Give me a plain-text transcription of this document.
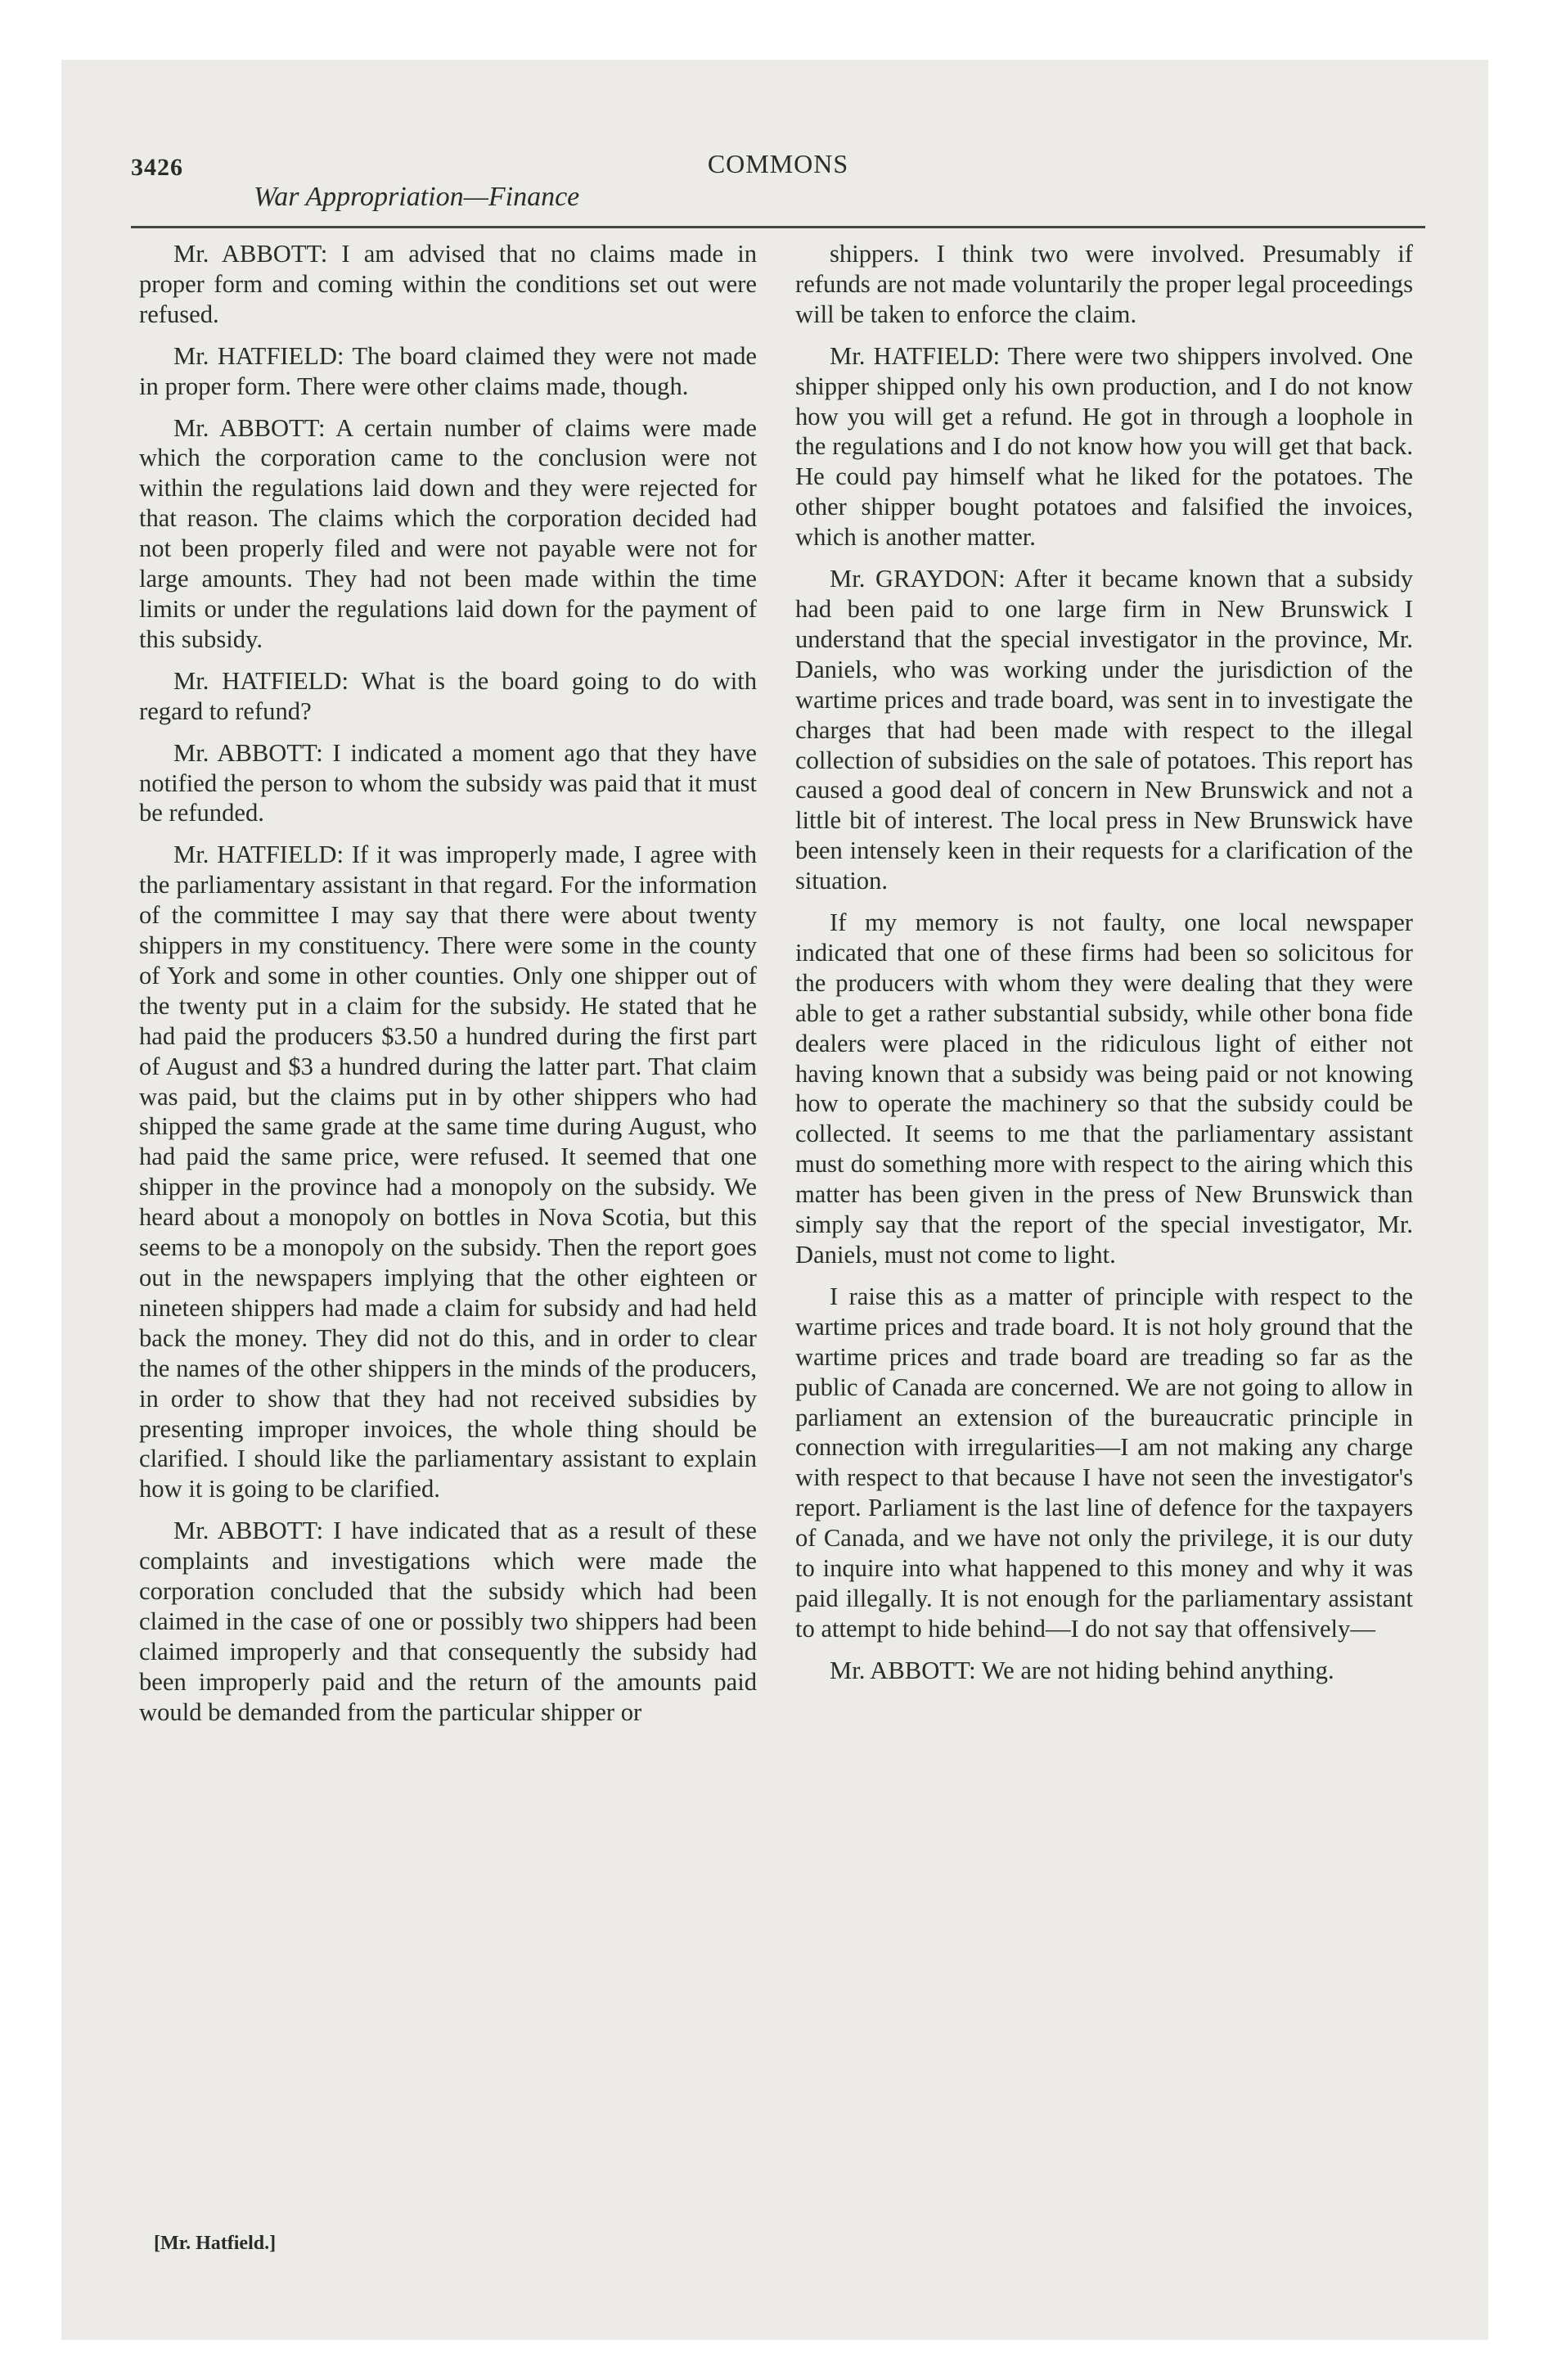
3426	COMMONS
War Appropriation—Finance

Mr. ABBOTT: I am advised that no claims made in proper form and coming within the conditions set out were refused.

Mr. HATFIELD: The board claimed they were not made in proper form. There were other claims made, though.

Mr. ABBOTT: A certain number of claims were made which the corporation came to the conclusion were not within the regulations laid down and they were rejected for that reason. The claims which the corporation decided had not been properly filed and were not payable were not for large amounts. They had not been made within the time limits or under the regulations laid down for the payment of this subsidy.

Mr. HATFIELD: What is the board going to do with regard to refund?

Mr. ABBOTT: I indicated a moment ago that they have notified the person to whom the subsidy was paid that it must be refunded.

Mr. HATFIELD: If it was improperly made, I agree with the parliamentary assistant in that regard. For the information of the committee I may say that there were about twenty shippers in my constituency. There were some in the county of York and some in other counties. Only one shipper out of the twenty put in a claim for the subsidy. He stated that he had paid the producers $3.50 a hundred during the first part of August and $3 a hundred during the latter part. That claim was paid, but the claims put in by other shippers who had shipped the same grade at the same time during August, who had paid the same price, were refused. It seemed that one shipper in the province had a monopoly on the subsidy. We heard about a monopoly on bottles in Nova Scotia, but this seems to be a monopoly on the subsidy. Then the report goes out in the newspapers implying that the other eighteen or nineteen shippers had made a claim for subsidy and had held back the money. They did not do this, and in order to clear the names of the other shippers in the minds of the producers, in order to show that they had not received subsidies by presenting improper invoices, the whole thing should be clarified. I should like the parliamentary assistant to explain how it is going to be clarified.

Mr. ABBOTT: I have indicated that as a result of these complaints and investigations which were made the corporation concluded that the subsidy which had been claimed in the case of one or possibly two shippers had been claimed improperly and that consequently the subsidy had been improperly paid and the return of the amounts paid would be demanded from the particular shipper or

shippers. I think two were involved. Presumably if refunds are not made voluntarily the proper legal proceedings will be taken to enforce the claim.

Mr. HATFIELD: There were two shippers involved. One shipper shipped only his own production, and I do not know how you will get a refund. He got in through a loophole in the regulations and I do not know how you will get that back. He could pay himself what he liked for the potatoes. The other shipper bought potatoes and falsified the invoices, which is another matter.

Mr. GRAYDON: After it became known that a subsidy had been paid to one large firm in New Brunswick I understand that the special investigator in the province, Mr. Daniels, who was working under the jurisdiction of the wartime prices and trade board, was sent in to investigate the charges that had been made with respect to the illegal collection of subsidies on the sale of potatoes. This report has caused a good deal of concern in New Brunswick and not a little bit of interest. The local press in New Brunswick have been intensely keen in their requests for a clarification of the situation.

If my memory is not faulty, one local newspaper indicated that one of these firms had been so solicitous for the producers with whom they were dealing that they were able to get a rather substantial subsidy, while other bona fide dealers were placed in the ridiculous light of either not having known that a subsidy was being paid or not knowing how to operate the machinery so that the subsidy could be collected. It seems to me that the parliamentary assistant must do something more with respect to the airing which this matter has been given in the press of New Brunswick than simply say that the report of the special investigator, Mr. Daniels, must not come to light.

I raise this as a matter of principle with respect to the wartime prices and trade board. It is not holy ground that the wartime prices and trade board are treading so far as the public of Canada are concerned. We are not going to allow in parliament an extension of the bureaucratic principle in connection with irregularities—I am not making any charge with respect to that because I have not seen the investigator's report. Parliament is the last line of defence for the taxpayers of Canada, and we have not only the privilege, it is our duty to inquire into what happened to this money and why it was paid illegally. It is not enough for the parliamentary assistant to attempt to hide behind—I do not say that offensively—

Mr. ABBOTT: We are not hiding behind anything.

[Mr. Hatfield.]
